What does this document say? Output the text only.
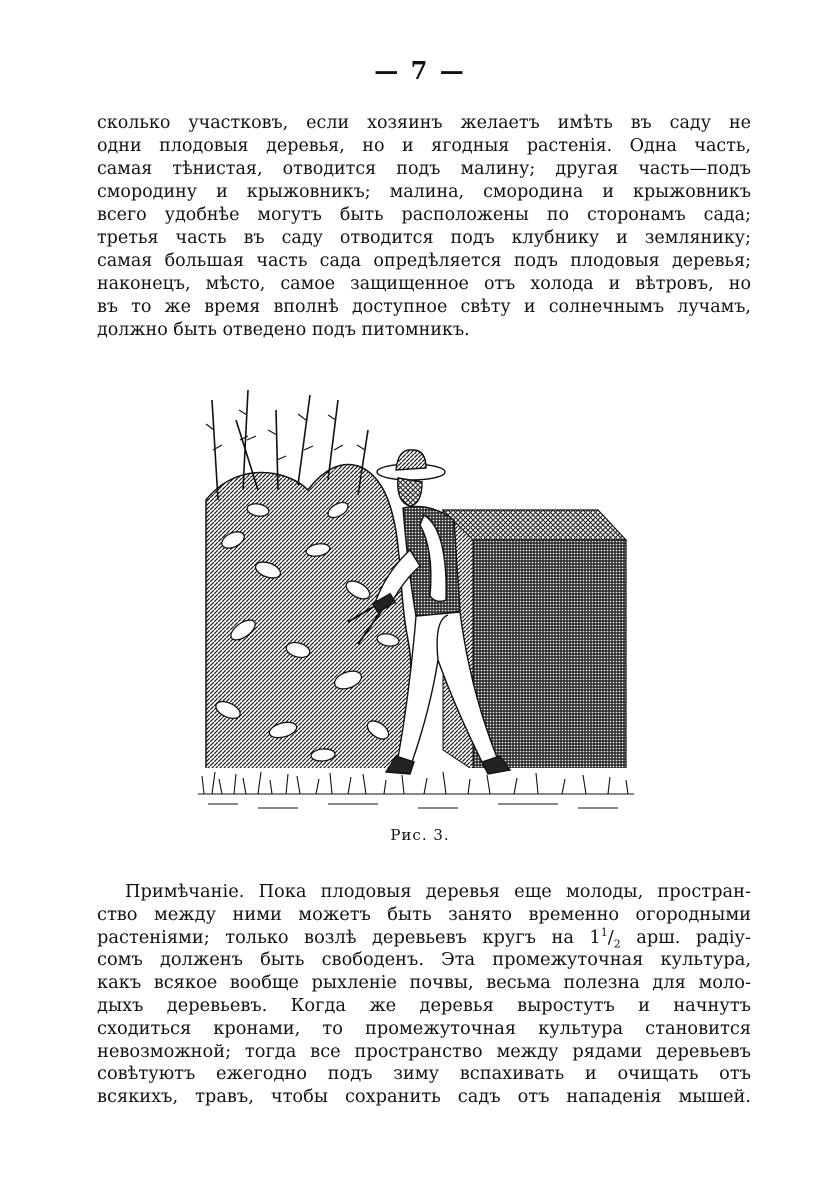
— 7 —
сколько участковъ, если хозяинъ желаетъ имѣть въ саду не
одни плодовыя деревья, но и ягодныя растенія. Одна часть,
самая тѣнистая, отводится подъ малину; другая часть—подъ
смородину и крыжовникъ; малина, смородина и крыжовникъ
всего удобнѣе могутъ быть расположены по сторонамъ сада;
третья часть въ саду отводится подъ клубнику и землянику;
самая большая часть сада опредѣляется подъ плодовыя деревья;
наконецъ, мѣсто, самое защищенное отъ холода и вѣтровъ, но
въ то же время вполнѣ доступное свѣту и солнечнымъ лучамъ,
должно быть отведено подъ питомникъ.
Рис. 3.
Примѣчаніе. Пока плодовыя деревья еще молоды, простран-
ство между ними можетъ быть занято временно огородными
растеніями; только возлѣ деревьевъ кругъ на $1^1/_2$ арш. радіу-
сомъ долженъ быть свободенъ. Эта промежуточная культура,
какъ всякое вообще рыхленіе почвы, весьма полезна для моло-
дыхъ деревьевъ. Когда же деревья выростутъ и начнутъ
сходиться кронами, то промежуточная культура становится
невозможной; тогда все пространство между рядами деревьевъ
совѣтуютъ ежегодно подъ зиму вспахивать и очищать отъ
всякихъ, травъ, чтобы сохранить садъ отъ нападенія мышей.
